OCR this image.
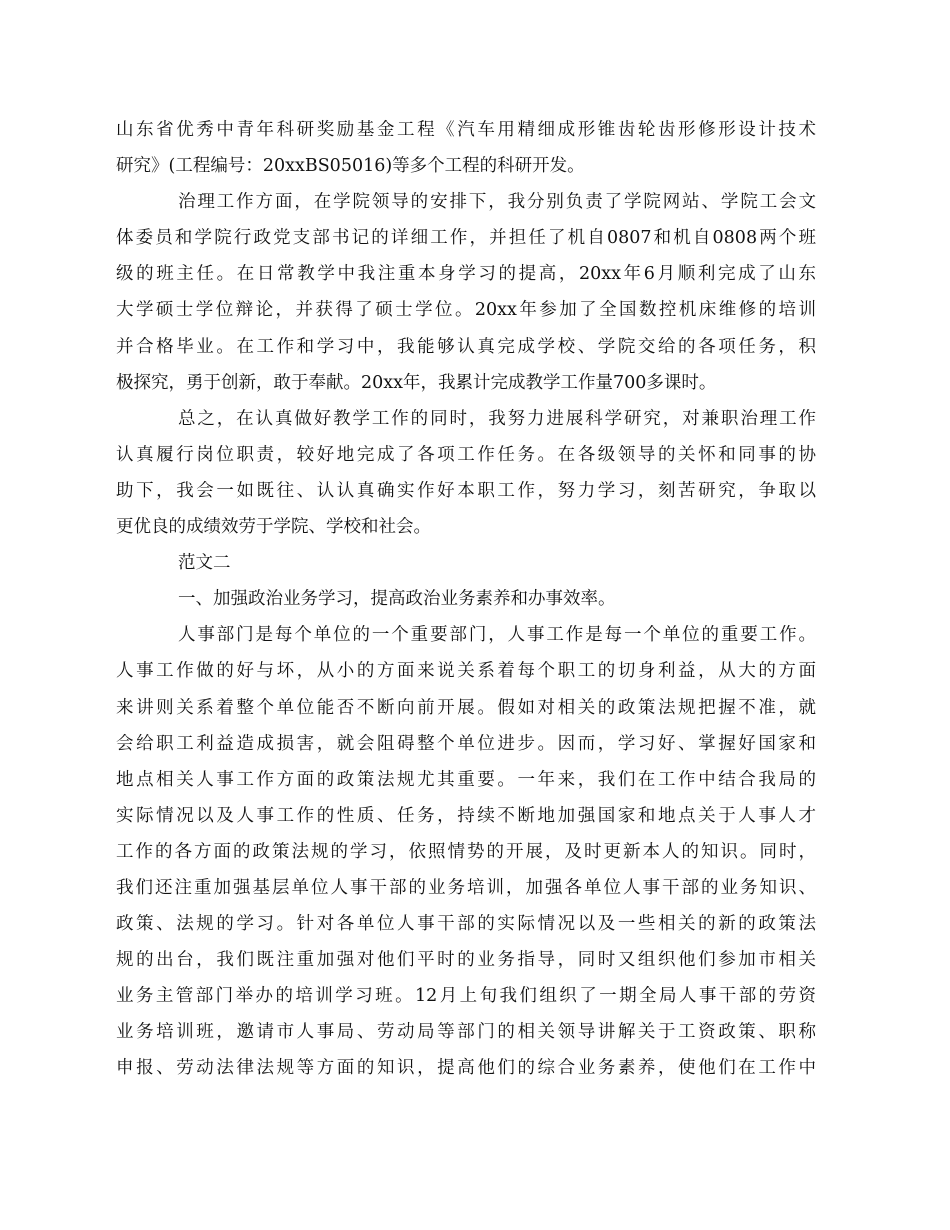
山东省优秀中青年科研奖励基金工程《汽车用精细成形锥齿轮齿形修形设计技术
研究》(工程编号：20xxBS05016)等多个工程的科研开发。
治理工作方面，在学院领导的安排下，我分别负责了学院网站、学院工会文
体委员和学院行政党支部书记的详细工作，并担任了机自0807和机自0808两个班
级的班主任。在日常教学中我注重本身学习的提高，20xx年6月顺利完成了山东
大学硕士学位辩论，并获得了硕士学位。20xx年参加了全国数控机床维修的培训
并合格毕业。在工作和学习中，我能够认真完成学校、学院交给的各项任务，积
极探究，勇于创新，敢于奉献。20xx年，我累计完成教学工作量700多课时。
总之，在认真做好教学工作的同时，我努力进展科学研究，对兼职治理工作
认真履行岗位职责，较好地完成了各项工作任务。在各级领导的关怀和同事的协
助下，我会一如既往、认认真确实作好本职工作，努力学习，刻苦研究，争取以
更优良的成绩效劳于学院、学校和社会。
范文二
一、加强政治业务学习，提高政治业务素养和办事效率。
人事部门是每个单位的一个重要部门，人事工作是每一个单位的重要工作。
人事工作做的好与坏，从小的方面来说关系着每个职工的切身利益，从大的方面
来讲则关系着整个单位能否不断向前开展。假如对相关的政策法规把握不准，就
会给职工利益造成损害，就会阻碍整个单位进步。因而，学习好、掌握好国家和
地点相关人事工作方面的政策法规尤其重要。一年来，我们在工作中结合我局的
实际情况以及人事工作的性质、任务，持续不断地加强国家和地点关于人事人才
工作的各方面的政策法规的学习，依照情势的开展，及时更新本人的知识。同时，
我们还注重加强基层单位人事干部的业务培训，加强各单位人事干部的业务知识、
政策、法规的学习。针对各单位人事干部的实际情况以及一些相关的新的政策法
规的出台，我们既注重加强对他们平时的业务指导，同时又组织他们参加市相关
业务主管部门举办的培训学习班。12月上旬我们组织了一期全局人事干部的劳资
业务培训班，邀请市人事局、劳动局等部门的相关领导讲解关于工资政策、职称
申报、劳动法律法规等方面的知识，提高他们的综合业务素养，使他们在工作中
